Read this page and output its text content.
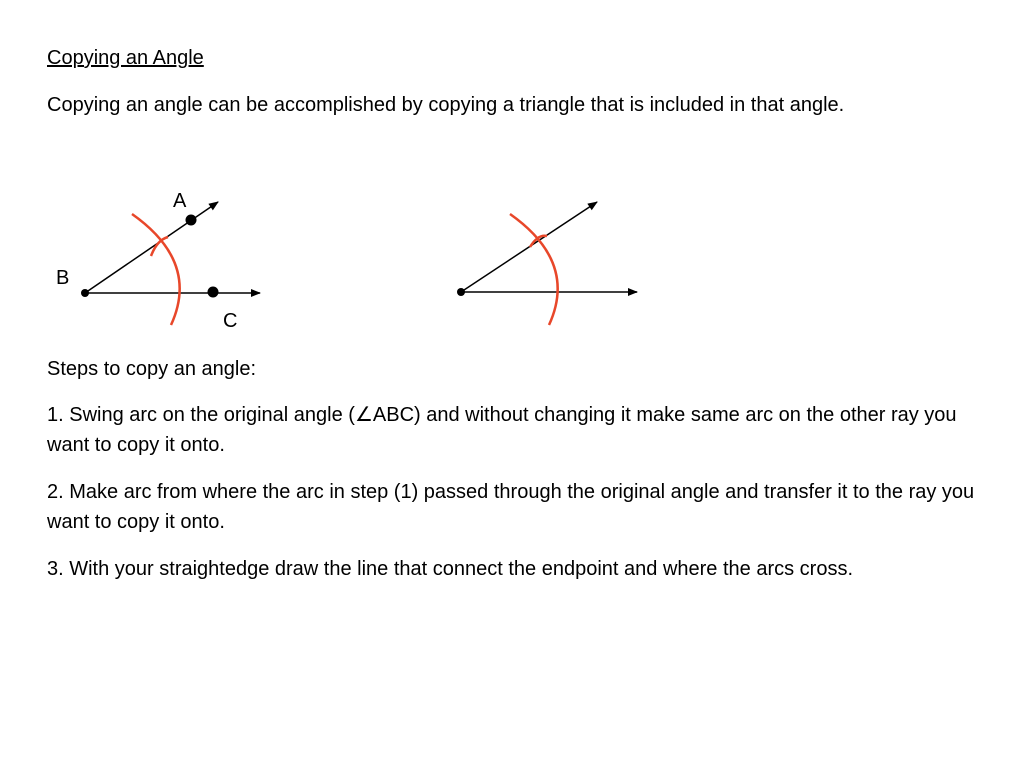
Copying an Angle
Copying an angle can be accomplished by copying a triangle that is included in that angle.
A
B
C
Steps to copy an angle:
1. Swing arc on the original angle (∠ABC) and without changing it make same arc on the other ray you want to copy it onto.
2. Make arc from where the arc in step (1) passed through the original angle and transfer it to the ray you want to copy it onto.
3. With your straightedge draw the line that connect the endpoint and where the arcs cross.
